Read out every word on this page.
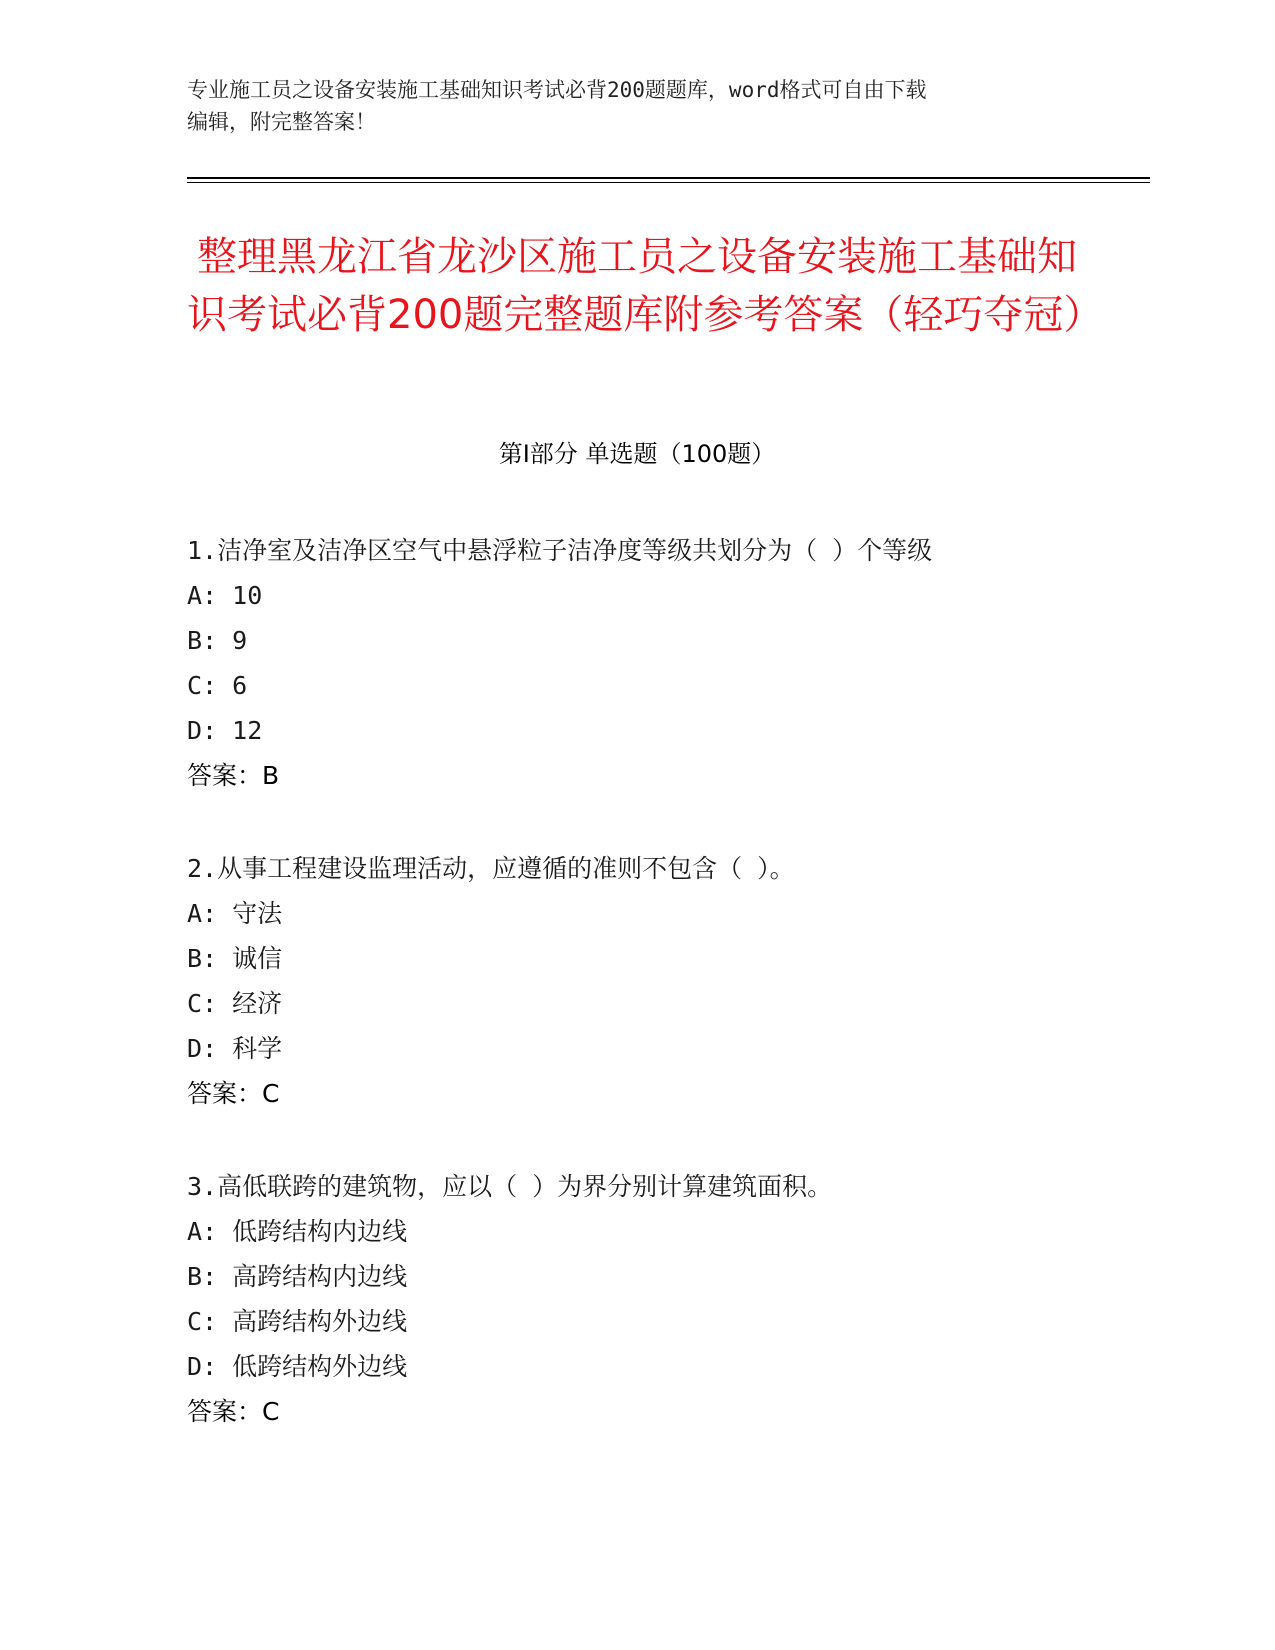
专业施工员之设备安装施工基础知识考试必背200题题库，word格式可自由下载
编辑，附完整答案！
整理黑龙江省龙沙区施工员之设备安装施工基础知识考试必背200题完整题库附参考答案（轻巧夺冠）
第Ⅰ部分 单选题（100题）
1.洁净室及洁净区空气中悬浮粒子洁净度等级共划分为（ ）个等级
A: 10
B: 9
C: 6
D: 12
答案：B
2.从事工程建设监理活动，应遵循的准则不包含（ ）。
A: 守法
B: 诚信
C: 经济
D: 科学
答案：C
3.高低联跨的建筑物，应以（ ）为界分别计算建筑面积。
A: 低跨结构内边线
B: 高跨结构内边线
C: 高跨结构外边线
D: 低跨结构外边线
答案：C
